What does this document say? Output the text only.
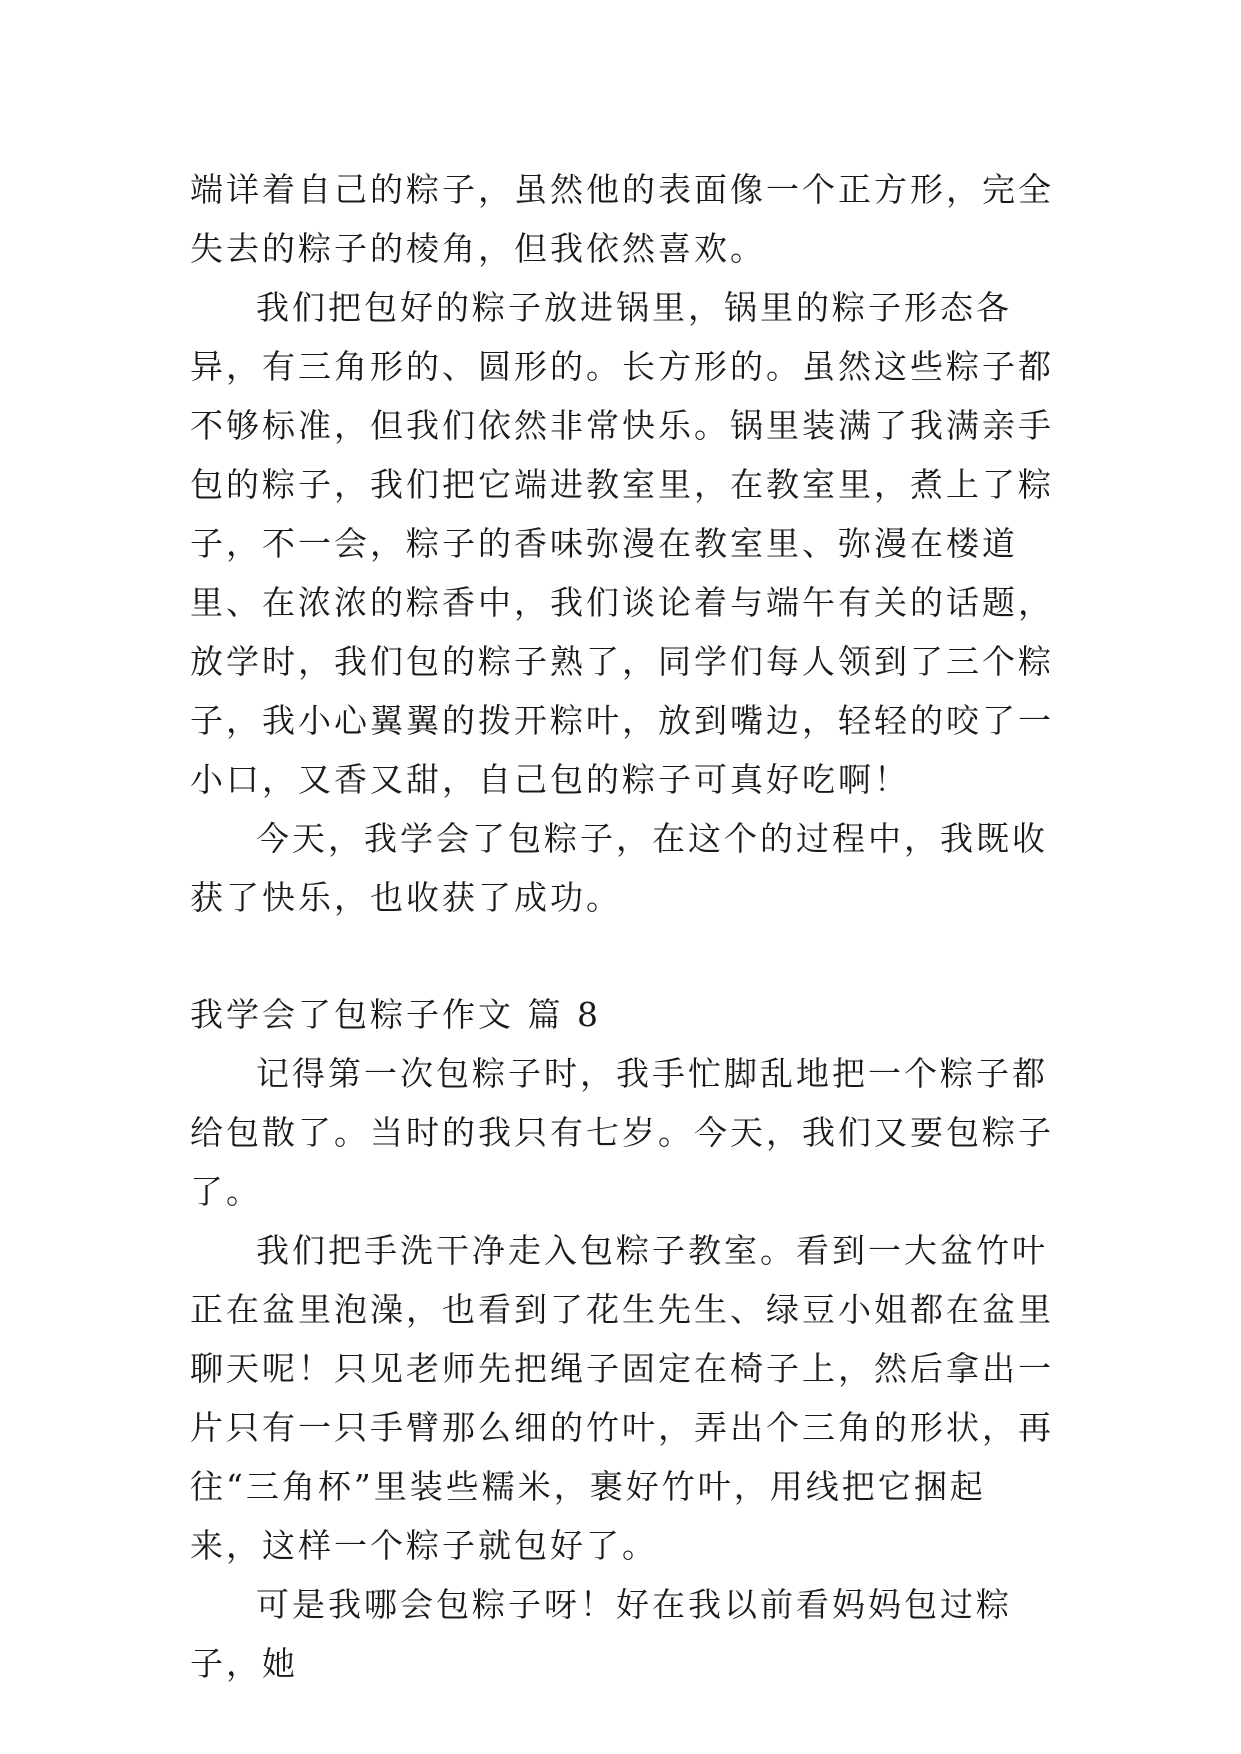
端详着自己的粽子，虽然他的表面像一个正方形，完全失去的粽子的棱角，但我依然喜欢。

我们把包好的粽子放进锅里，锅里的粽子形态各异，有三角形的、圆形的。长方形的。虽然这些粽子都不够标准，但我们依然非常快乐。锅里装满了我满亲手包的粽子，我们把它端进教室里，在教室里，煮上了粽子，不一会，粽子的香味弥漫在教室里、弥漫在楼道里、在浓浓的粽香中，我们谈论着与端午有关的话题，放学时，我们包的粽子熟了，同学们每人领到了三个粽子，我小心翼翼的拨开粽叶，放到嘴边，轻轻的咬了一小口，又香又甜，自己包的粽子可真好吃啊！

今天，我学会了包粽子，在这个的过程中，我既收获了快乐，也收获了成功。

我学会了包粽子作文 篇 8

记得第一次包粽子时，我手忙脚乱地把一个粽子都给包散了。当时的我只有七岁。今天，我们又要包粽子了。

我们把手洗干净走入包粽子教室。看到一大盆竹叶正在盆里泡澡，也看到了花生先生、绿豆小姐都在盆里聊天呢！只见老师先把绳子固定在椅子上，然后拿出一片只有一只手臂那么细的竹叶，弄出个三角的形状，再往“三角杯”里装些糯米，裹好竹叶，用线把它捆起来，这样一个粽子就包好了。

可是我哪会包粽子呀！好在我以前看妈妈包过粽子，她
